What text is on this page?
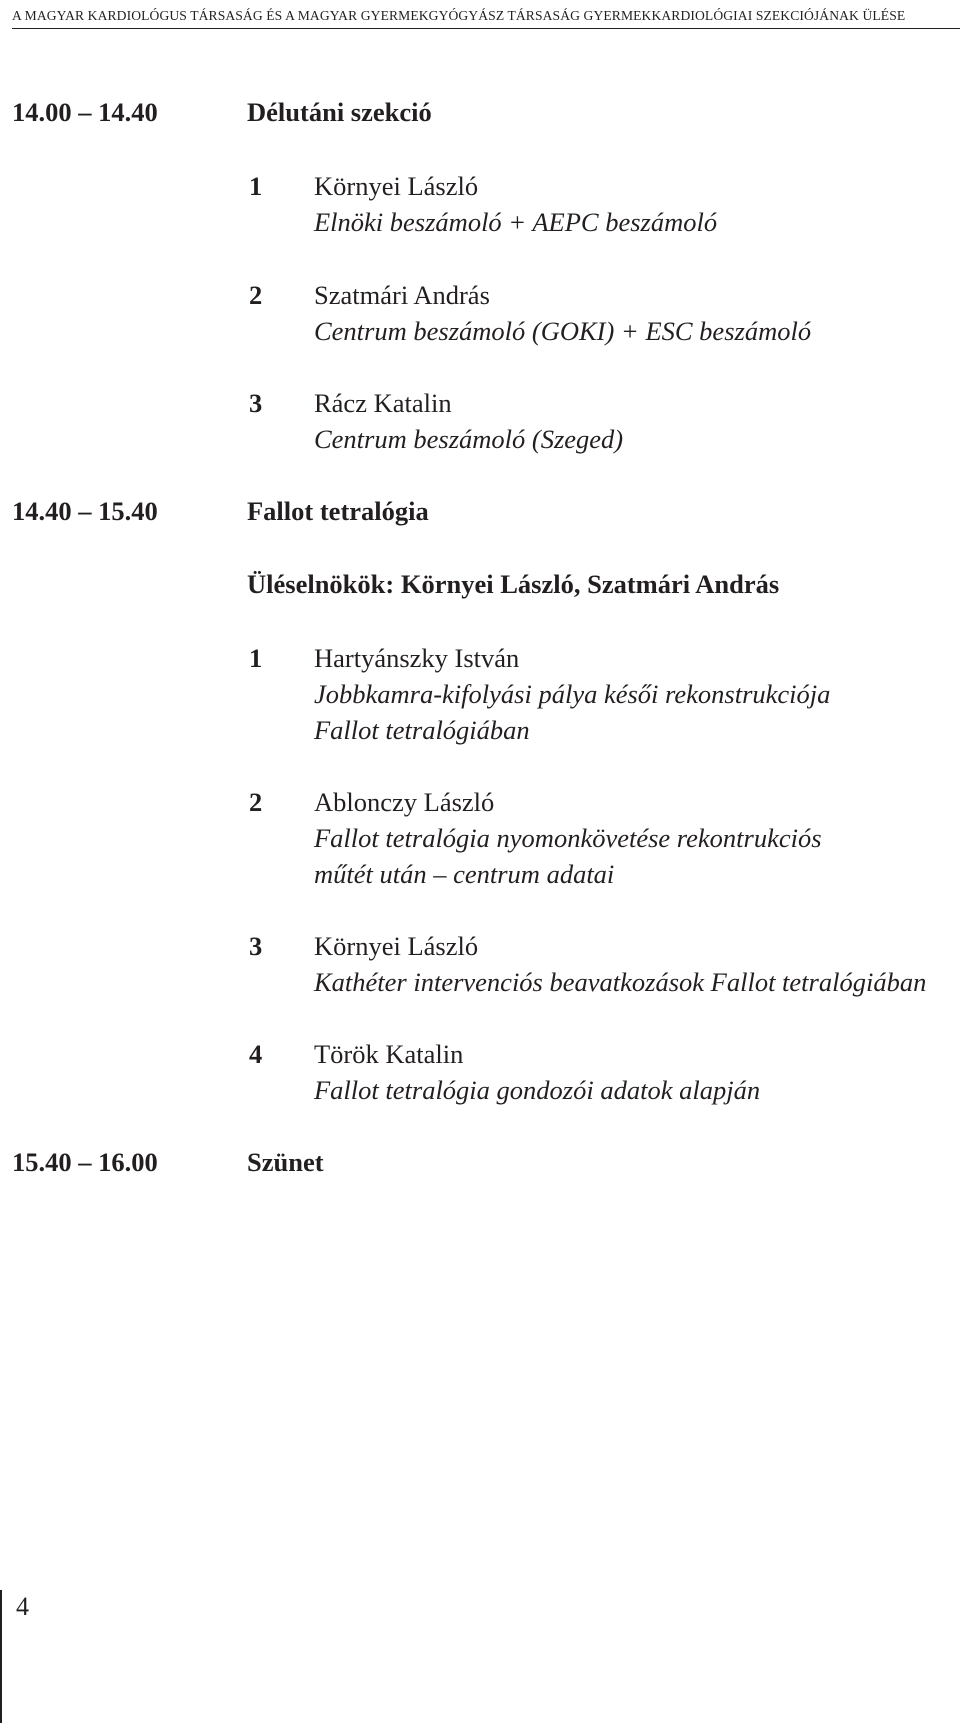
A MAGYAR KARDIOLÓGUS TÁRSASÁG ÉS A MAGYAR GYERMEKGYÓGYÁSZ TÁRSASÁG GYERMEKKARDIOLÓGIAI SZEKCIÓJÁNAK ÜLÉSE
14.00 – 14.40	Délutáni szekció
1 Környei László
Elnöki beszámoló + AEPC beszámoló
2 Szatmári András
Centrum beszámoló (GOKI) + ESC beszámoló
3 Rácz Katalin
Centrum beszámoló (Szeged)
14.40 – 15.40	Fallot tetralógia
Üléselnökök: Környei László, Szatmári András
1 Hartyánszky István
Jobbkamra-kifolyási pálya késői rekonstrukciója
Fallot tetralógiában
2 Ablonczy László
Fallot tetralógia nyomonkövetése rekontrukciós
műtét után – centrum adatai
3 Környei László
Kathéter intervenciós beavatkozások Fallot tetralógiában
4 Török Katalin
Fallot tetralógia gondozói adatok alapján
15.40 – 16.00	Szünet
4
